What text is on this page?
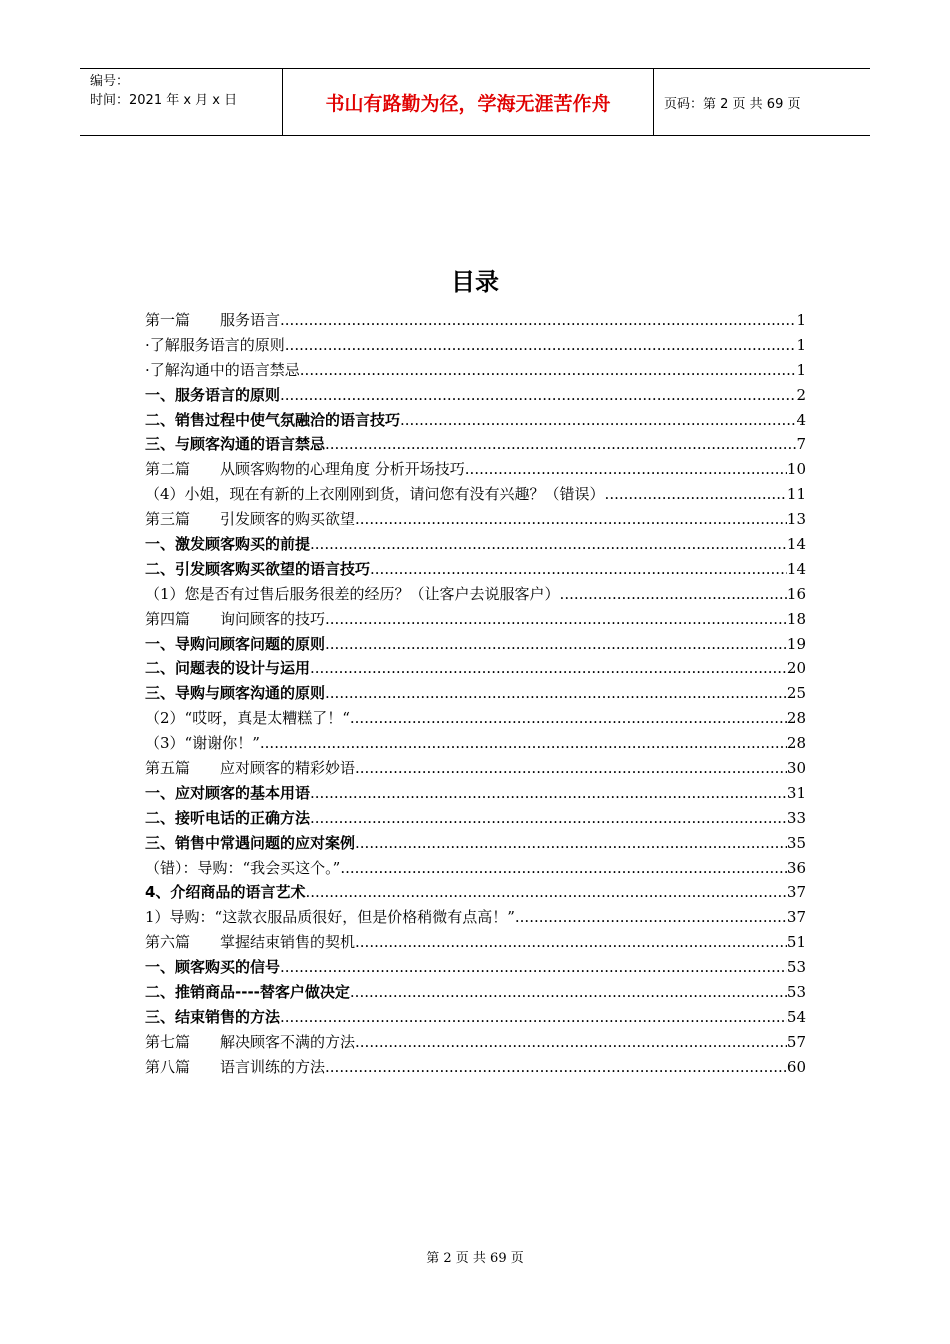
编号：
时间：2021 年 x 月 x 日	书山有路勤为径，学海无涯苦作舟	页码：第 2 页 共 69 页
目录
第一篇　　服务语言 .....	1
·了解服务语言的原则 .....	1
·了解沟通中的语言禁忌 .....	1
一、服务语言的原则 .....	2
二、销售过程中使气氛融洽的语言技巧 .....	4
三、与顾客沟通的语言禁忌 .....	7
第二篇　　从顾客购物的心理角度 分析开场技巧 .....	10
（4）小姐，现在有新的上衣刚刚到货，请问您有没有兴趣？（错误） .....	11
第三篇　　引发顾客的购买欲望 .....	13
一、激发顾客购买的前提 .....	14
二、引发顾客购买欲望的语言技巧 .....	14
（1）您是否有过售后服务很差的经历？（让客户去说服客户） .....	16
第四篇　　询问顾客的技巧 .....	18
一、导购问顾客问题的原则 .....	19
二、问题表的设计与运用 .....	20
三、导购与顾客沟通的原则 .....	25
（2）“哎呀，真是太糟糕了！“ .....	28
（3）“谢谢你！” .....	28
第五篇　　应对顾客的精彩妙语 .....	30
一、应对顾客的基本用语 .....	31
二、接听电话的正确方法 .....	33
三、销售中常遇问题的应对案例 .....	35
（错）：导购：“我会买这个。” .....	36
4、介绍商品的语言艺术 .....	37
1）导购：“这款衣服品质很好，但是价格稍微有点高！” .....	37
第六篇　　掌握结束销售的契机 .....	51
一、顾客购买的信号 .....	53
二、推销商品----替客户做决定 .....	53
三、结束销售的方法 .....	54
第七篇　　解决顾客不满的方法 .....	57
第八篇　　语言训练的方法 .....	60
第 2 页 共 69 页
